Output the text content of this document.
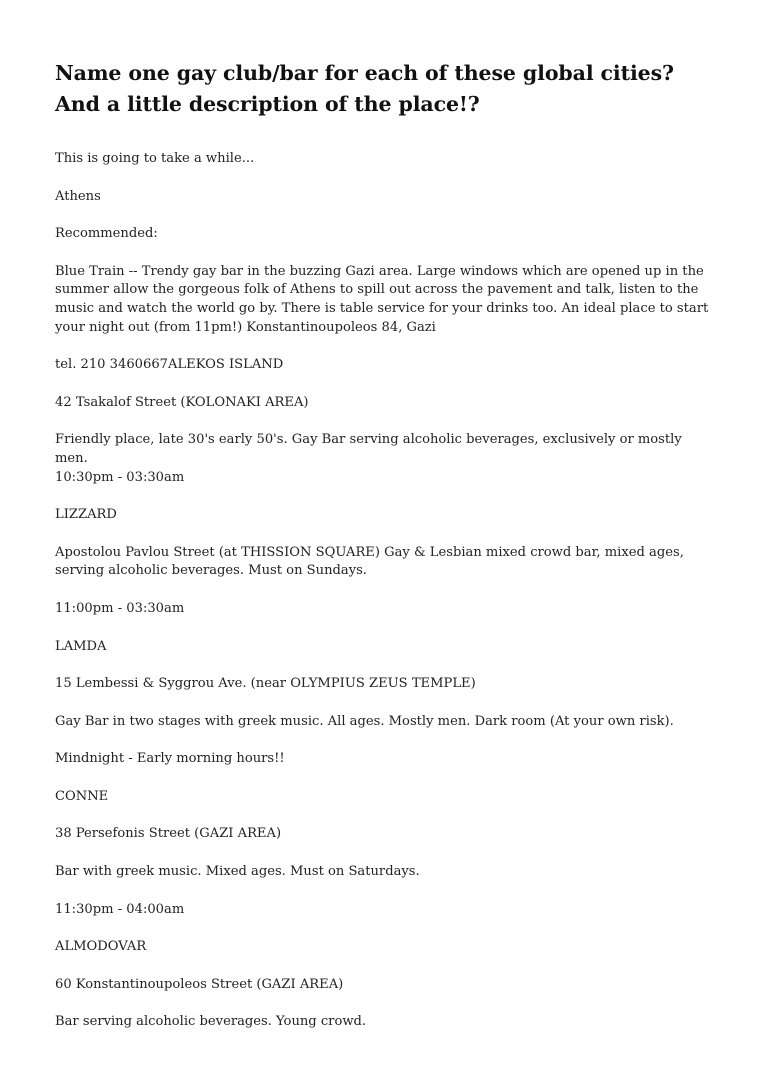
Name one gay club/bar for each of these global cities? And a little description of the place!?

This is going to take a while...

Athens

Recommended:

Blue Train -- Trendy gay bar in the buzzing Gazi area. Large windows which are opened up in the
summer allow the gorgeous folk of Athens to spill out across the pavement and talk, listen to the
music and watch the world go by. There is table service for your drinks too. An ideal place to start
your night out (from 11pm!) Konstantinoupoleos 84, Gazi

tel. 210 3460667ALEKOS ISLAND

42 Tsakalof Street (KOLONAKI AREA)

Friendly place, late 30's early 50's. Gay Bar serving alcoholic beverages, exclusively or mostly men.
10:30pm - 03:30am

LIZZARD

Apostolou Pavlou Street (at THISSION SQUARE) Gay & Lesbian mixed crowd bar, mixed ages,
serving alcoholic beverages. Must on Sundays.

11:00pm - 03:30am

LAMDA

15 Lembessi & Syggrou Ave. (near OLYMPIUS ZEUS TEMPLE)

Gay Bar in two stages with greek music. All ages. Mostly men. Dark room (At your own risk).

Mindnight - Early morning hours!!

CONNE

38 Persefonis Street (GAZI AREA)

Bar with greek music. Mixed ages. Must on Saturdays.

11:30pm - 04:00am

ALMODOVAR

60 Konstantinoupoleos Street (GAZI AREA)

Bar serving alcoholic beverages. Young crowd.
